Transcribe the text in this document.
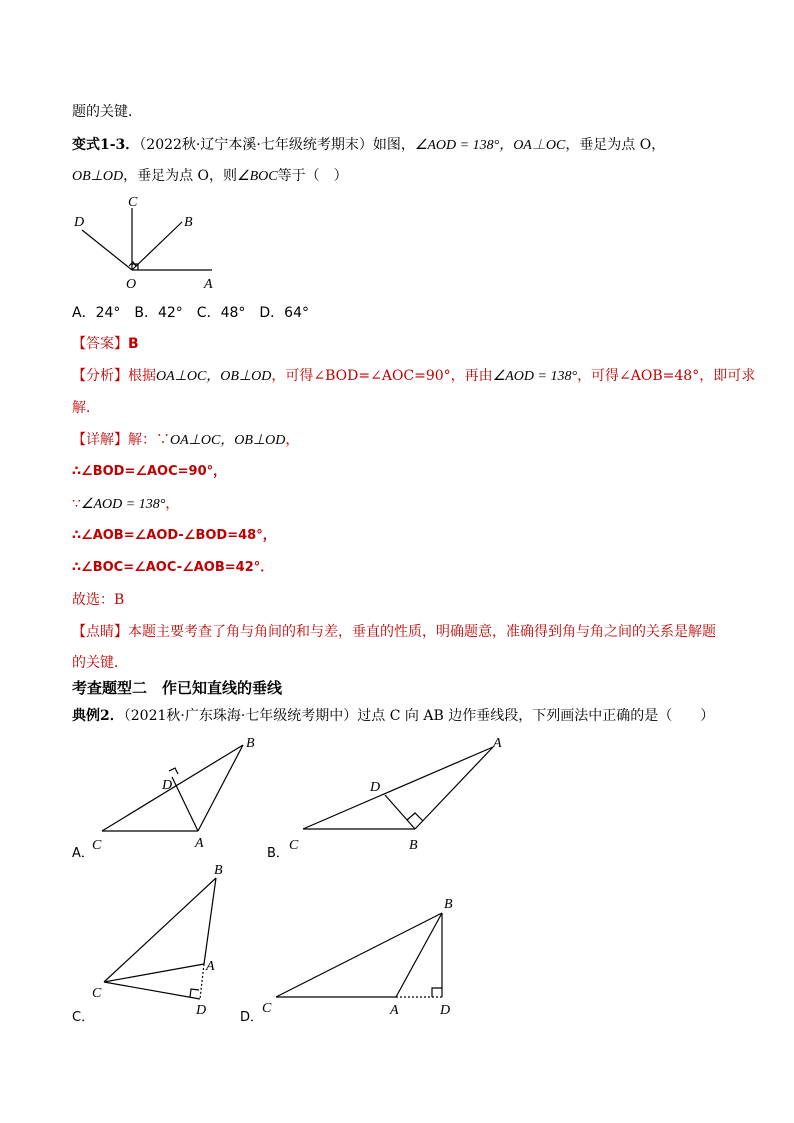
题的关键．
变式1-3．（2022秋·辽宁本溪·七年级统考期末）如图，∠AOD = 138°，OA⊥OC，垂足为点 O，
OB⊥OD，垂足为点 O，则∠BOC等于（　）
C
D	B
O	A
A．24°　B．42°　C．48°　D．64°
【答案】B
【分析】根据OA⊥OC，OB⊥OD，可得∠BOD=∠AOC=90°，再由∠AOD = 138°，可得∠AOB=48°，即可求
解．
【详解】解：∵OA⊥OC，OB⊥OD，
∴∠BOD=∠AOC=90°，
∵∠AOD = 138°，
∴∠AOB=∠AOD-∠BOD=48°，
∴∠BOC=∠AOC-∠AOB=42°．
故选：B
【点睛】本题主要考查了角与角间的和与差，垂直的性质，明确题意，准确得到角与角之间的关系是解题
的关键．
考查题型二　作已知直线的垂线
典例2．（2021秋·广东珠海·七年级统考期中）过点 C 向 AB 边作垂线段，下列画法中正确的是（　　）
A．
B
D
C	A
B．
A
D
C	B
C．
B
A
C
D	D．
B
C	A	D
